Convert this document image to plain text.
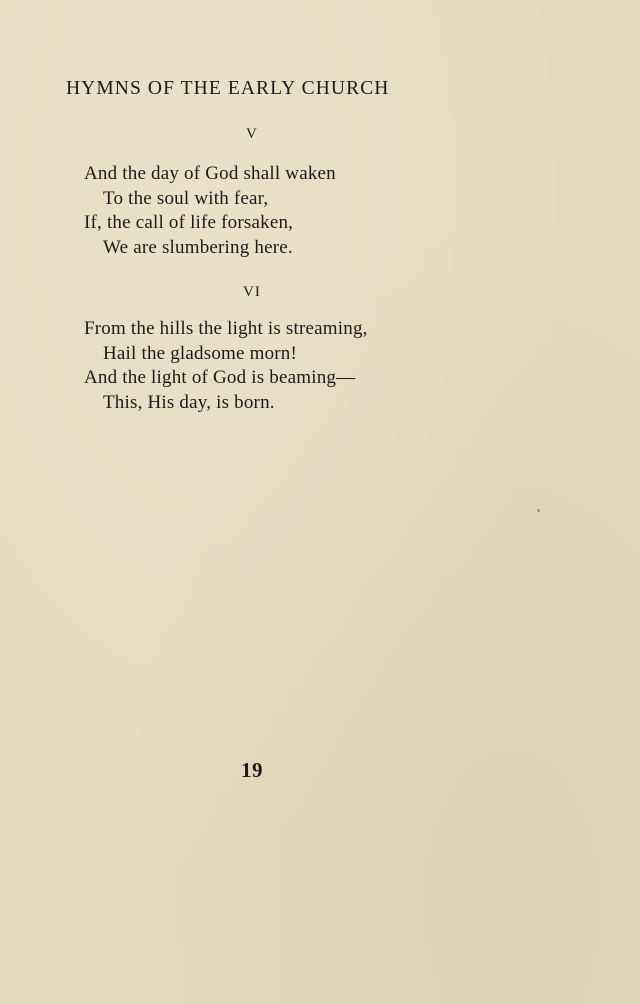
HYMNS OF THE EARLY CHURCH
V
And the day of God shall waken
To the soul with fear,
If, the call of life forsaken,
We are slumbering here.
VI
From the hills the light is streaming,
Hail the gladsome morn!
And the light of God is beaming—
This, His day, is born.
19
